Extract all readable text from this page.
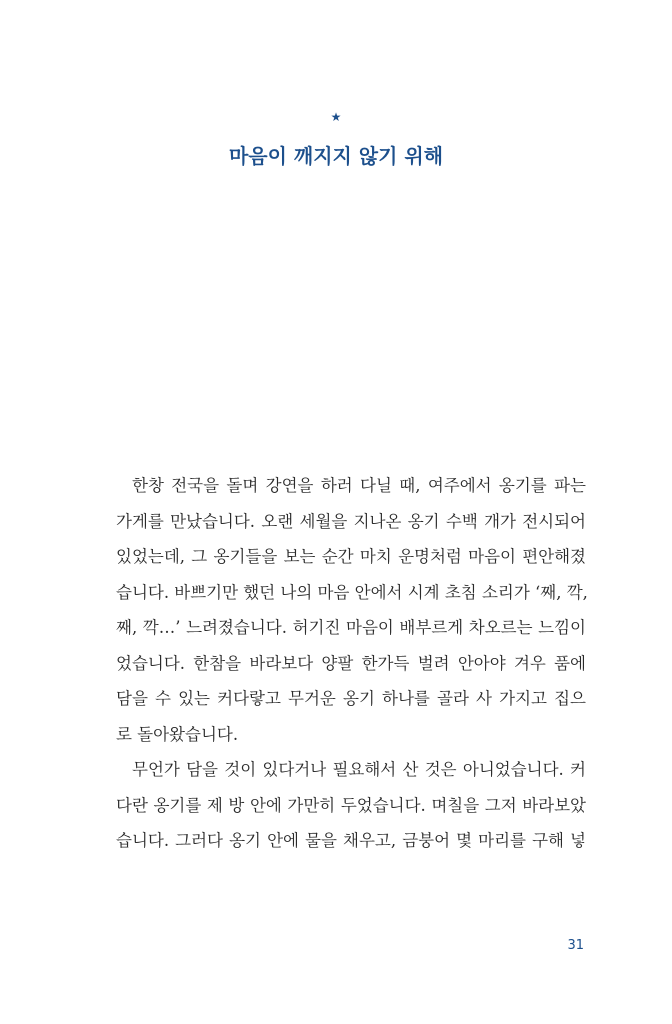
★
마음이 깨지지 않기 위해
한창 전국을 돌며 강연을 하러 다닐 때, 여주에서 옹기를 파는
가게를 만났습니다. 오랜 세월을 지나온 옹기 수백 개가 전시되어
있었는데, 그 옹기들을 보는 순간 마치 운명처럼 마음이 편안해졌
습니다. 바쁘기만 했던 나의 마음 안에서 시계 초침 소리가 ‘째, 깍,
째, 깍…’ 느려졌습니다. 허기진 마음이 배부르게 차오르는 느낌이
었습니다. 한참을 바라보다 양팔 한가득 벌려 안아야 겨우 품에
담을 수 있는 커다랗고 무거운 옹기 하나를 골라 사 가지고 집으
로 돌아왔습니다.
무언가 담을 것이 있다거나 필요해서 산 것은 아니었습니다. 커
다란 옹기를 제 방 안에 가만히 두었습니다. 며칠을 그저 바라보았
습니다. 그러다 옹기 안에 물을 채우고, 금붕어 몇 마리를 구해 넣
31
